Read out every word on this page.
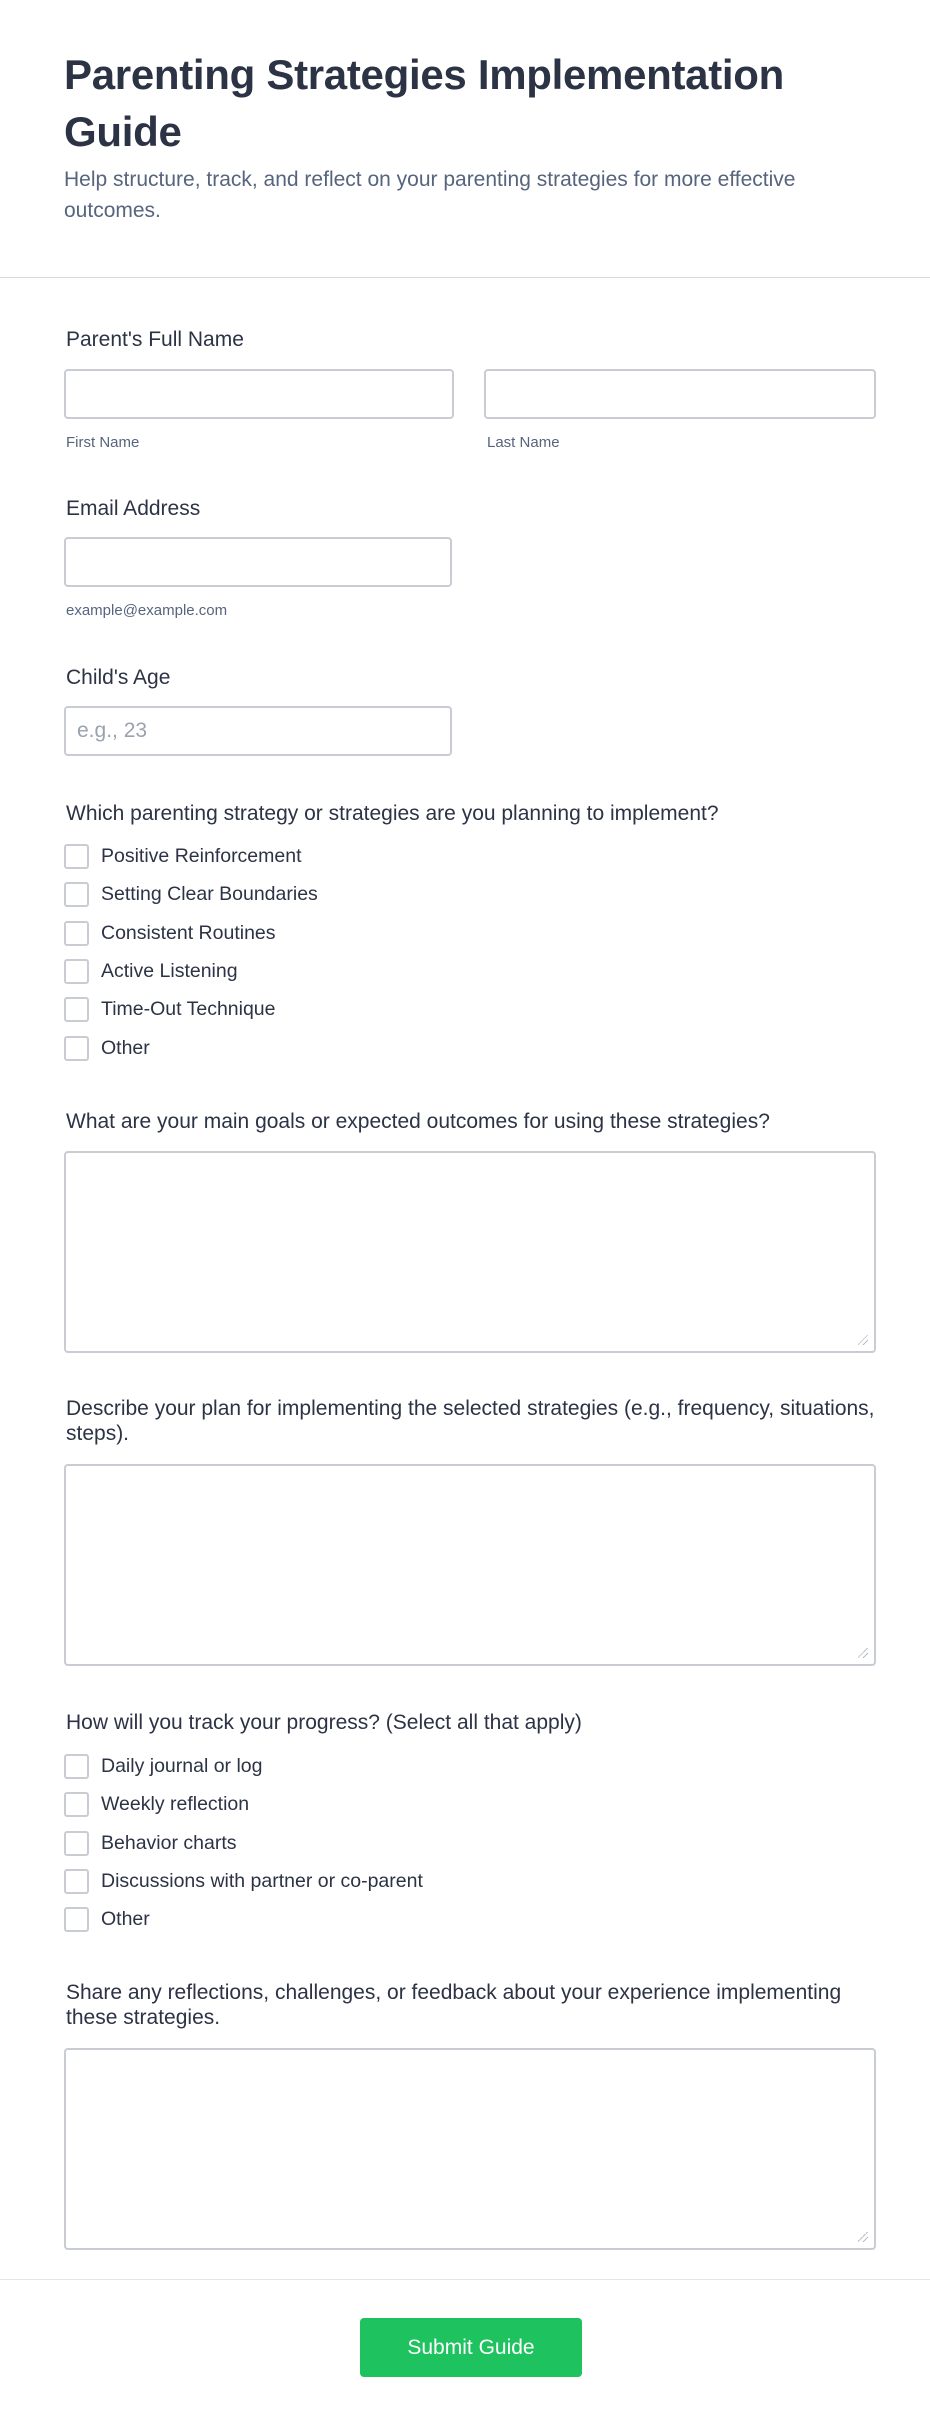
Parenting Strategies Implementation Guide
Help structure, track, and reflect on your parenting strategies for more effective outcomes.
Parent's Full Name
First Name	Last Name
Email Address
example@example.com
Child's Age
e.g., 23
Which parenting strategy or strategies are you planning to implement?
Positive Reinforcement
Setting Clear Boundaries
Consistent Routines
Active Listening
Time-Out Technique
Other
What are your main goals or expected outcomes for using these strategies?
Describe your plan for implementing the selected strategies (e.g., frequency, situations, steps).
How will you track your progress? (Select all that apply)
Daily journal or log
Weekly reflection
Behavior charts
Discussions with partner or co-parent
Other
Share any reflections, challenges, or feedback about your experience implementing these strategies.
Submit Guide
